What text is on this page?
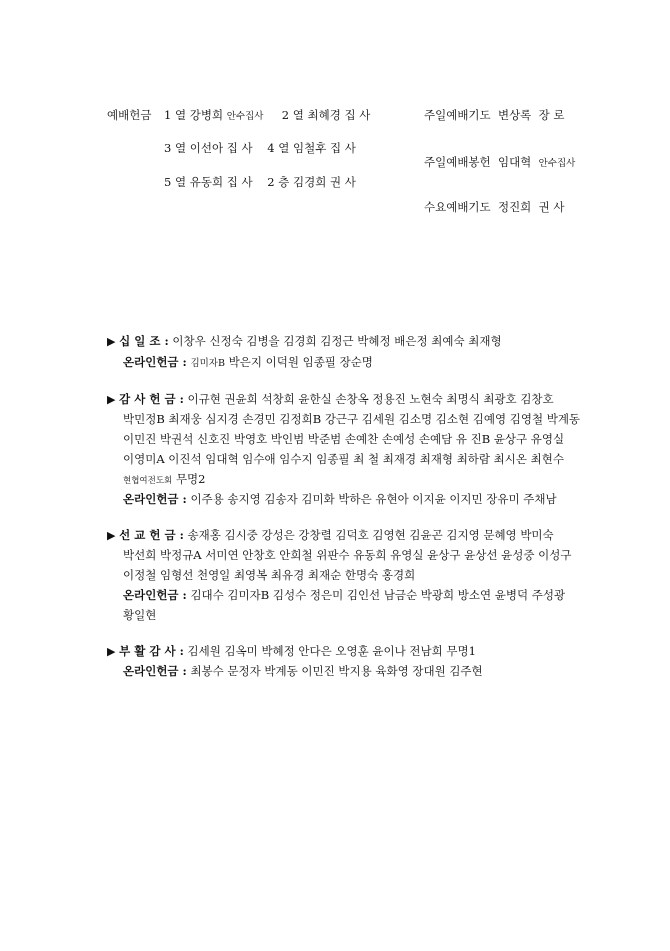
예배헌금 1 열 강병희 안수집사 2 열 최혜경 집 사
3 열 이선아 집 사 4 열 임철후 집 사
5 열 유동희 집 사 2 층 김경희 권 사
주일예배기도 변상록 장 로
주일예배봉헌 임대혁 안수집사
수요예배기도 정진희 권 사
▶ 십 일 조 : 이창우 신정숙 김병을 김경희 김정근 박혜정 배은정 최예숙 최재형
온라인헌금 : 김미자B 박은지 이덕원 임종필 장순명
▶ 감 사 헌 금 : 이규현 권윤희 석창희 윤한실 손창옥 정용진 노현숙 최명식 최광호 김창호
박민정B 최재웅 심지경 손경민 김정희B 강근구 김세원 김소명 김소현 김예영 김영철 박계동
이민진 박권석 신호진 박영호 박인범 박준범 손예찬 손예성 손예담 유 진B 윤상구 유영실
이영미A 이진석 임대혁 임수애 임수지 임종필 최 철 최재경 최재형 최하람 최시온 최현수
현협여전도회 무명2
온라인헌금 : 이주용 송지영 김송자 김미화 박하은 유현아 이지윤 이지민 장유미 주채남
▶ 선 교 헌 금 : 송재홍 김시중 강성은 강창렬 김덕호 김영현 김윤곤 김지영 문혜영 박미숙
박선희 박정규A 서미연 안창호 안희철 위판수 유동희 유영실 윤상구 윤상선 윤성중 이성구
이정철 임형선 천영일 최영복 최유경 최재순 한명숙 홍경희
온라인헌금 : 김대수 김미자B 김성수 정은미 김인선 남금순 박광희 방소연 윤병덕 주성광
황일현
▶ 부 활 감 사 : 김세원 김옥미 박혜정 안다은 오영훈 윤이나 전남희 무명1
온라인헌금 : 최봉수 문정자 박계동 이민진 박지용 육화영 장대원 김주현
